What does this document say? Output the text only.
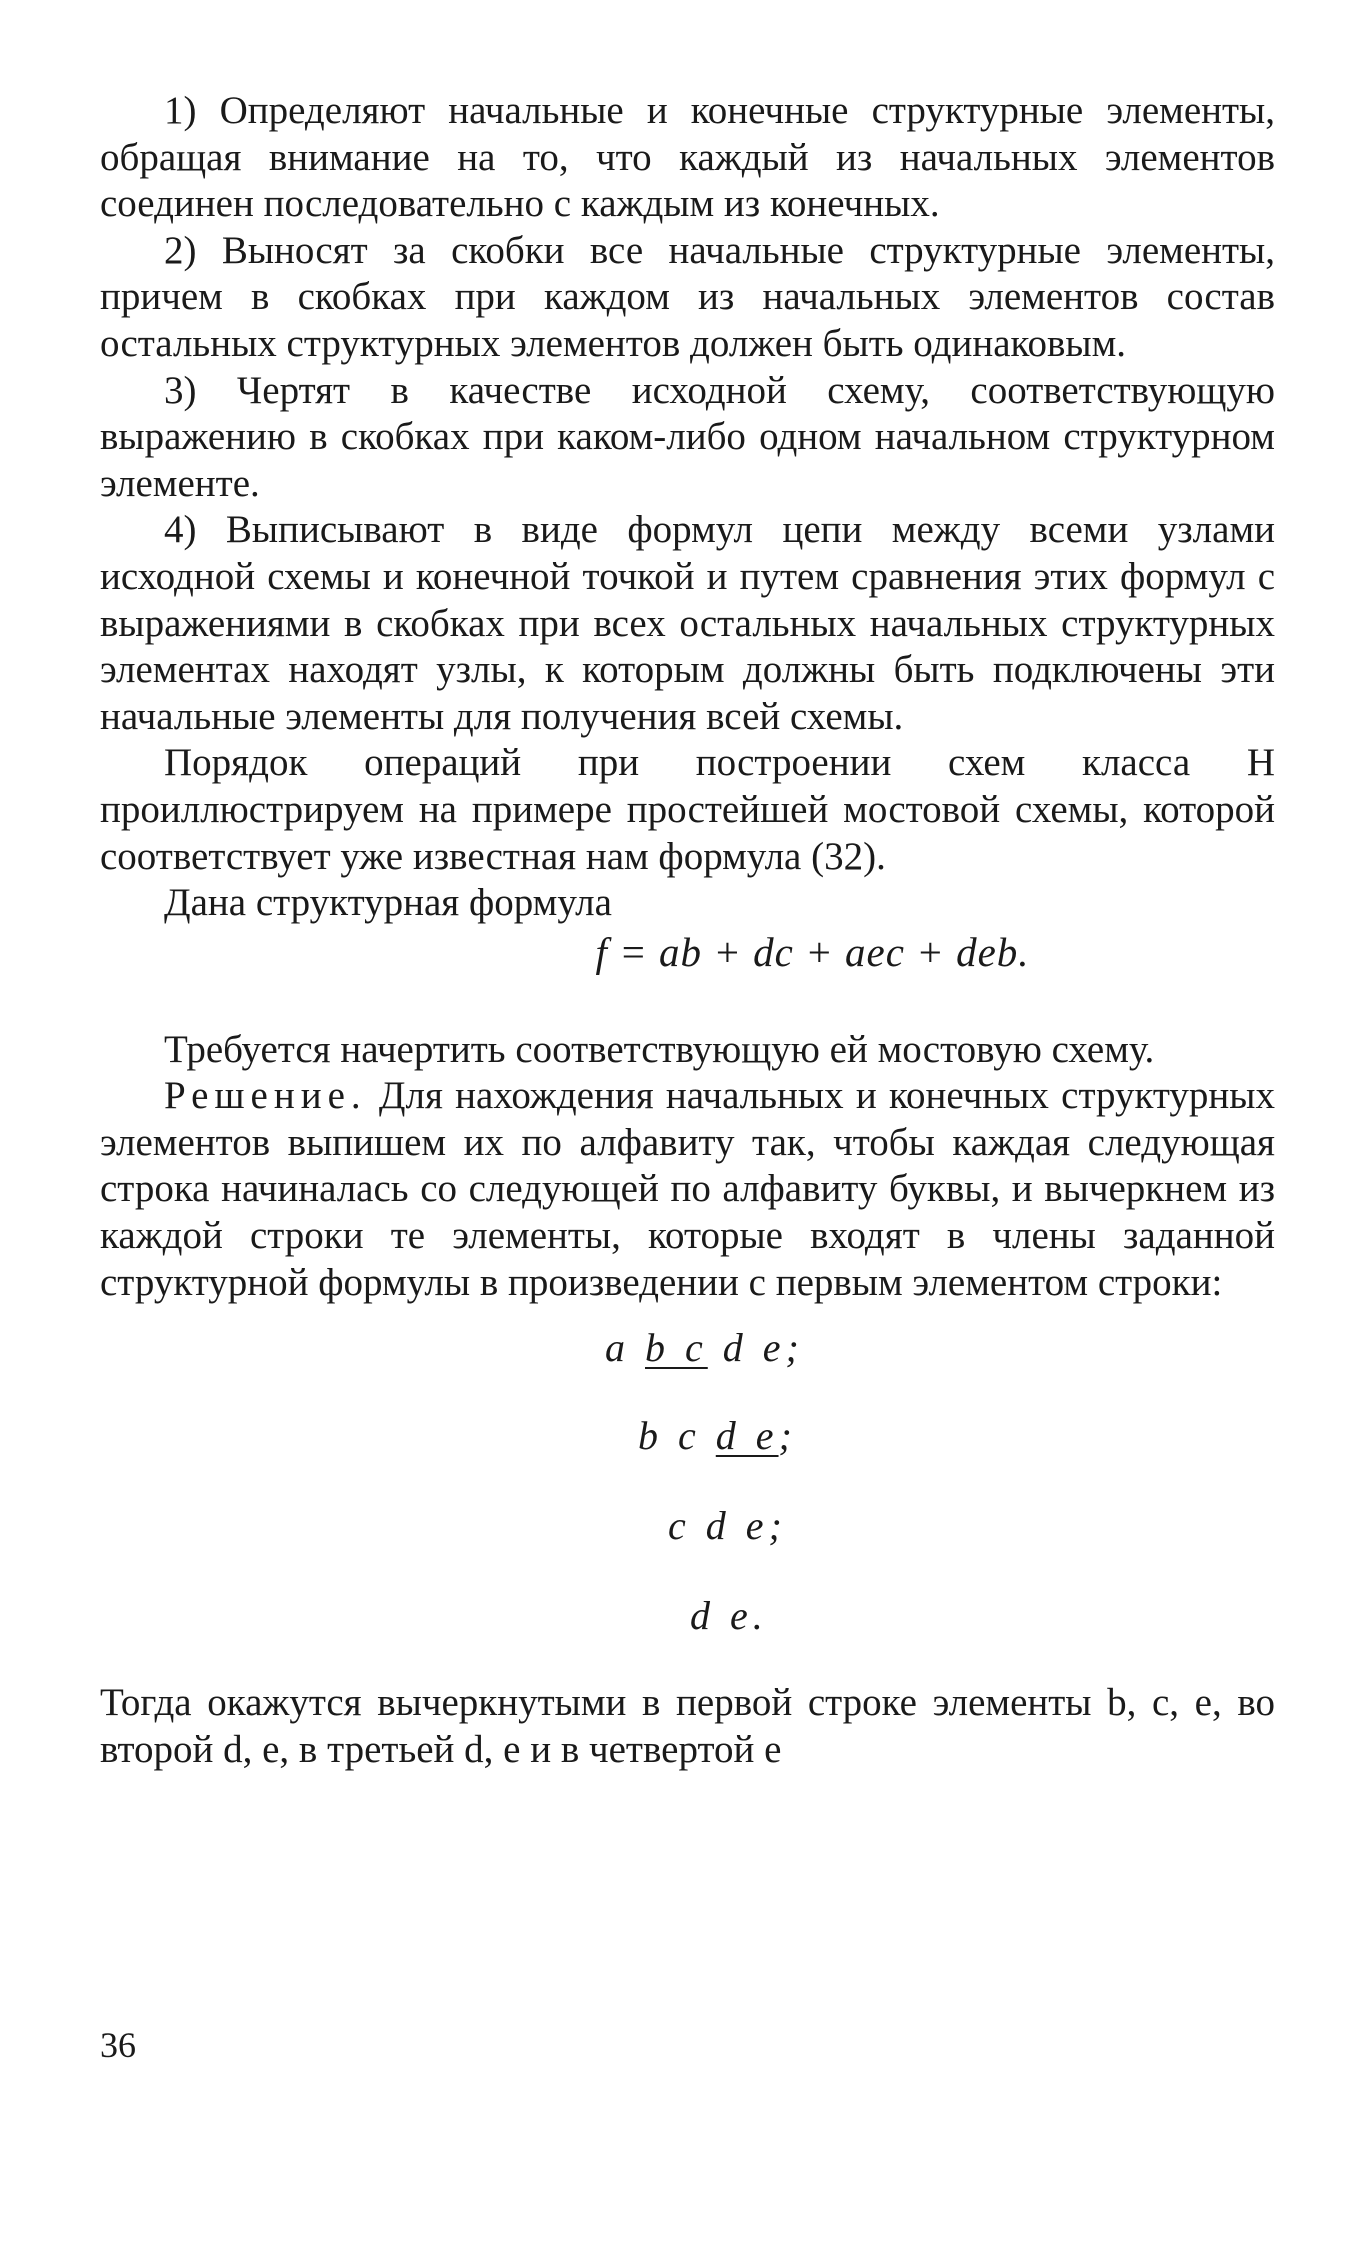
1) Определяют начальные и конечные структурные элементы, обращая внимание на то, что каждый из начальных элементов соединен последовательно с каждым из конечных.

2) Выносят за скобки все начальные структурные элементы, причем в скобках при каждом из начальных элементов состав остальных структурных элементов должен быть одинаковым.

3) Чертят в качестве исходной схему, соответствующую выражению в скобках при каком-либо одном начальном структурном элементе.

4) Выписывают в виде формул цепи между всеми узлами исходной схемы и конечной точкой и путем сравнения этих формул с выражениями в скобках при всех остальных начальных структурных элементах находят узлы, к которым должны быть подключены эти начальные элементы для получения всей схемы.

Порядок операций при построении схем класса H проиллюстрируем на примере простейшей мостовой схемы, которой соответствует уже известная нам формула (32).

Дана структурная формула

f = ab + dc + aec + deb.

Требуется начертить соответствующую ей мостовую схему.

Решение. Для нахождения начальных и конечных структурных элементов выпишем их по алфавиту так, чтобы каждая следующая строка начиналась со следующей по алфавиту буквы, и вычеркнем из каждой строки те элементы, которые входят в члены заданной структурной формулы в произведении с первым элементом строки:

a b c d e;
b c d e;
c d e;
d e.

Тогда окажутся вычеркнутыми в первой строке элементы b, c, e, во второй d, e, в третьей d, e и в четвертой e

36
